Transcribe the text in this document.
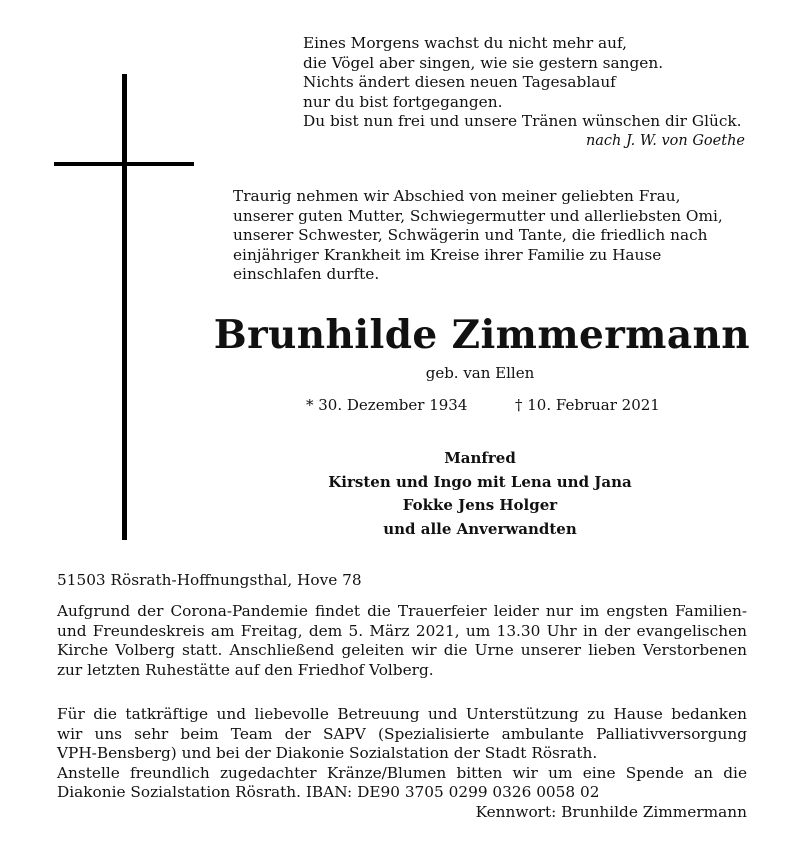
Eines Morgens wachst du nicht mehr auf,
die Vögel aber singen, wie sie gestern sangen.
Nichts ändert diesen neuen Tagesablauf
nur du bist fortgegangen.
Du bist nun frei und unsere Tränen wünschen dir Glück.
nach J. W. von Goethe
Traurig nehmen wir Abschied von meiner geliebten Frau,
unserer guten Mutter, Schwiegermutter und allerliebsten Omi,
unserer Schwester, Schwägerin und Tante, die friedlich nach
einjähriger Krankheit im Kreise ihrer Familie zu Hause
einschlafen durfte.
Brunhilde Zimmermann
geb. van Ellen
* 30. Dezember 1934	† 10. Februar 2021
Manfred
Kirsten und Ingo mit Lena und Jana
Fokke Jens Holger
und alle Anverwandten
51503 Rösrath-Hoffnungsthal, Hove 78
Aufgrund der Corona-Pandemie findet die Trauerfeier leider nur im engsten Familien-
und Freundeskreis am Freitag, dem 5. März 2021, um 13.30 Uhr in der evangelischen
Kirche Volberg statt. Anschließend geleiten wir die Urne unserer lieben Verstorbenen
zur letzten Ruhestätte auf den Friedhof Volberg.
Für die tatkräftige und liebevolle Betreuung und Unterstützung zu Hause bedanken
wir uns sehr beim Team der SAPV (Spezialisierte ambulante Palliativversorgung
VPH-Bensberg) und bei der Diakonie Sozialstation der Stadt Rösrath.
Anstelle freundlich zugedachter Kränze/Blumen bitten wir um eine Spende an die
Diakonie Sozialstation Rösrath. IBAN: DE90 3705 0299 0326 0058 02
Kennwort: Brunhilde Zimmermann
